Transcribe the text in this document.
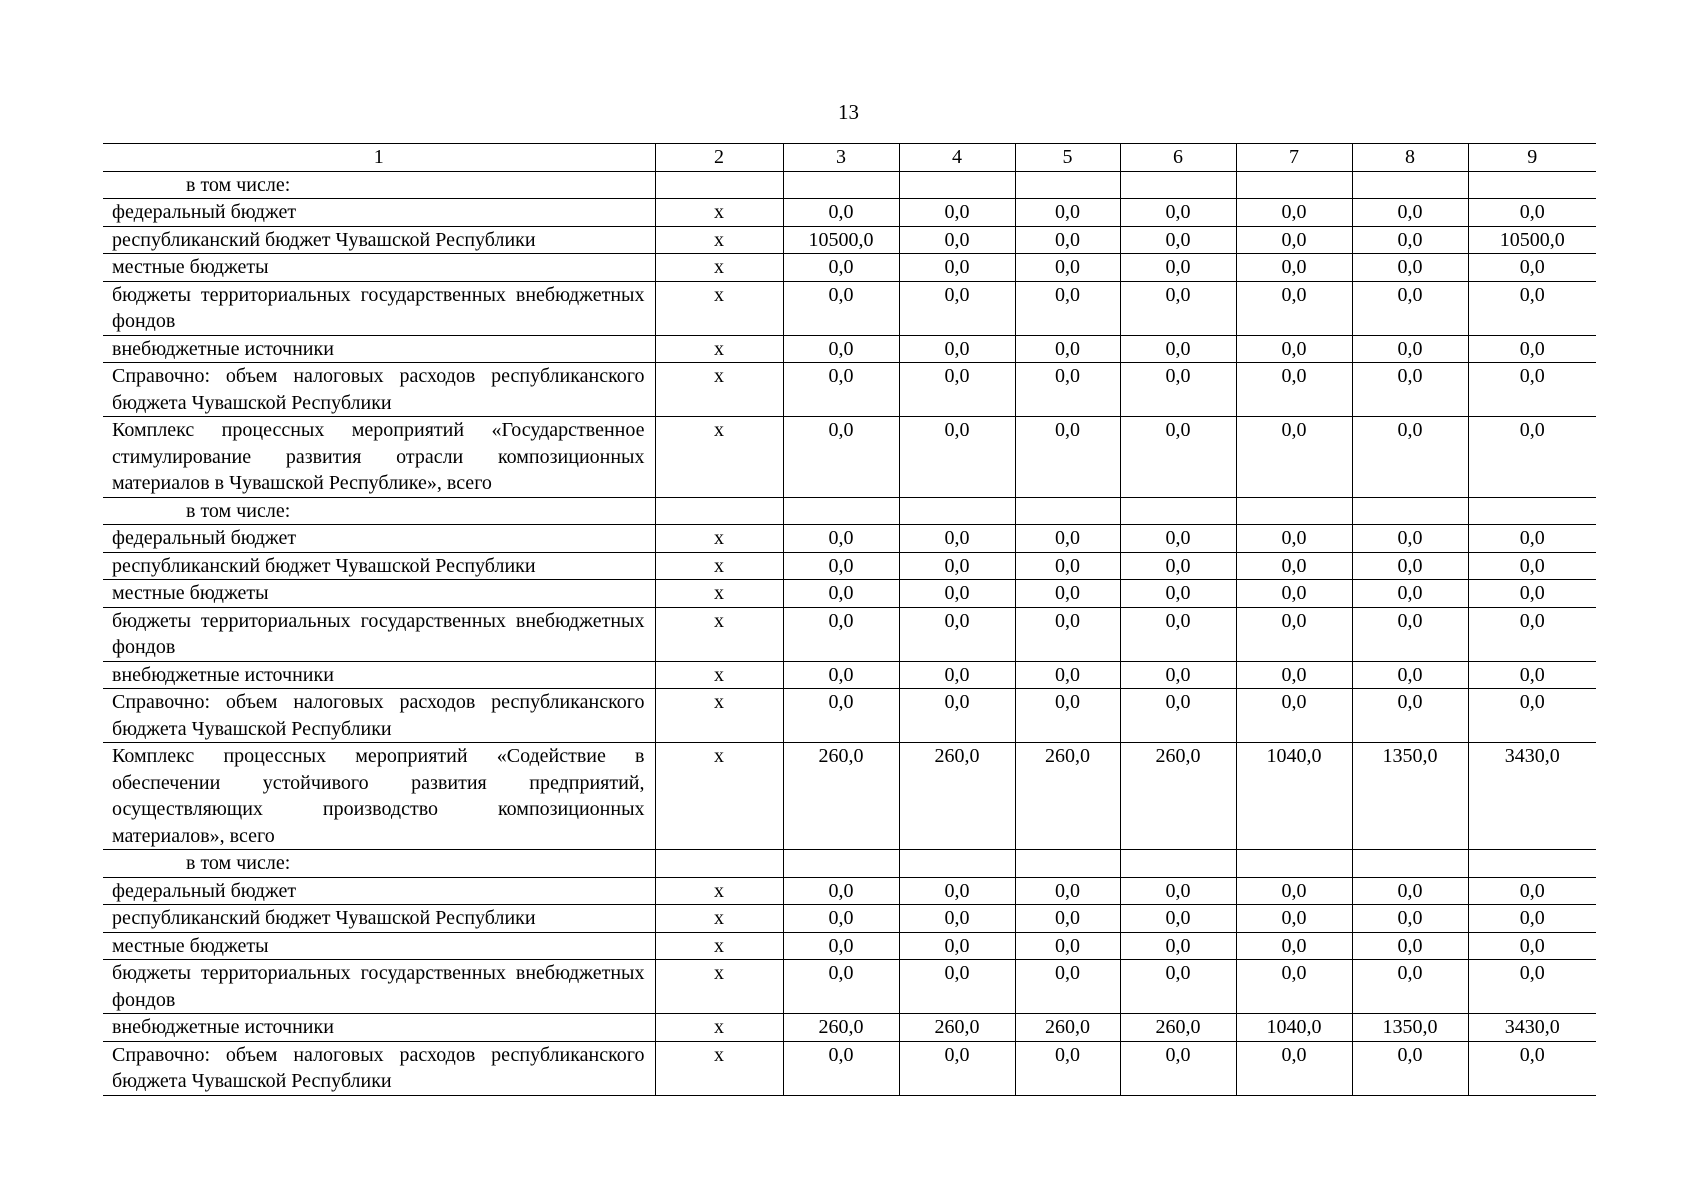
13
1	2	3	4	5	6	7	8	9
в том числе:								
федеральный бюджет	х	0,0	0,0	0,0	0,0	0,0	0,0	0,0
республиканский бюджет Чувашской Республики	х	10500,0	0,0	0,0	0,0	0,0	0,0	10500,0
местные бюджеты	х	0,0	0,0	0,0	0,0	0,0	0,0	0,0
бюджеты территориальных государственных внебюджетных фондов	х	0,0	0,0	0,0	0,0	0,0	0,0	0,0
внебюджетные источники	х	0,0	0,0	0,0	0,0	0,0	0,0	0,0
Справочно: объем налоговых расходов республиканского бюджета Чувашской Республики	х	0,0	0,0	0,0	0,0	0,0	0,0	0,0
Комплекс процессных мероприятий «Государственное стимулирование развития отрасли композиционных материалов в Чувашской Республике», всего	х	0,0	0,0	0,0	0,0	0,0	0,0	0,0
в том числе:								
федеральный бюджет	х	0,0	0,0	0,0	0,0	0,0	0,0	0,0
республиканский бюджет Чувашской Республики	х	0,0	0,0	0,0	0,0	0,0	0,0	0,0
местные бюджеты	х	0,0	0,0	0,0	0,0	0,0	0,0	0,0
бюджеты территориальных государственных внебюджетных фондов	х	0,0	0,0	0,0	0,0	0,0	0,0	0,0
внебюджетные источники	х	0,0	0,0	0,0	0,0	0,0	0,0	0,0
Справочно: объем налоговых расходов республиканского бюджета Чувашской Республики	х	0,0	0,0	0,0	0,0	0,0	0,0	0,0
Комплекс процессных мероприятий «Содействие в обеспечении устойчивого развития предприятий, осуществляющих производство композиционных материалов», всего	х	260,0	260,0	260,0	260,0	1040,0	1350,0	3430,0
в том числе:								
федеральный бюджет	х	0,0	0,0	0,0	0,0	0,0	0,0	0,0
республиканский бюджет Чувашской Республики	х	0,0	0,0	0,0	0,0	0,0	0,0	0,0
местные бюджеты	х	0,0	0,0	0,0	0,0	0,0	0,0	0,0
бюджеты территориальных государственных внебюджетных фондов	х	0,0	0,0	0,0	0,0	0,0	0,0	0,0
внебюджетные источники	х	260,0	260,0	260,0	260,0	1040,0	1350,0	3430,0
Справочно: объем налоговых расходов республиканского бюджета Чувашской Республики	х	0,0	0,0	0,0	0,0	0,0	0,0	0,0
